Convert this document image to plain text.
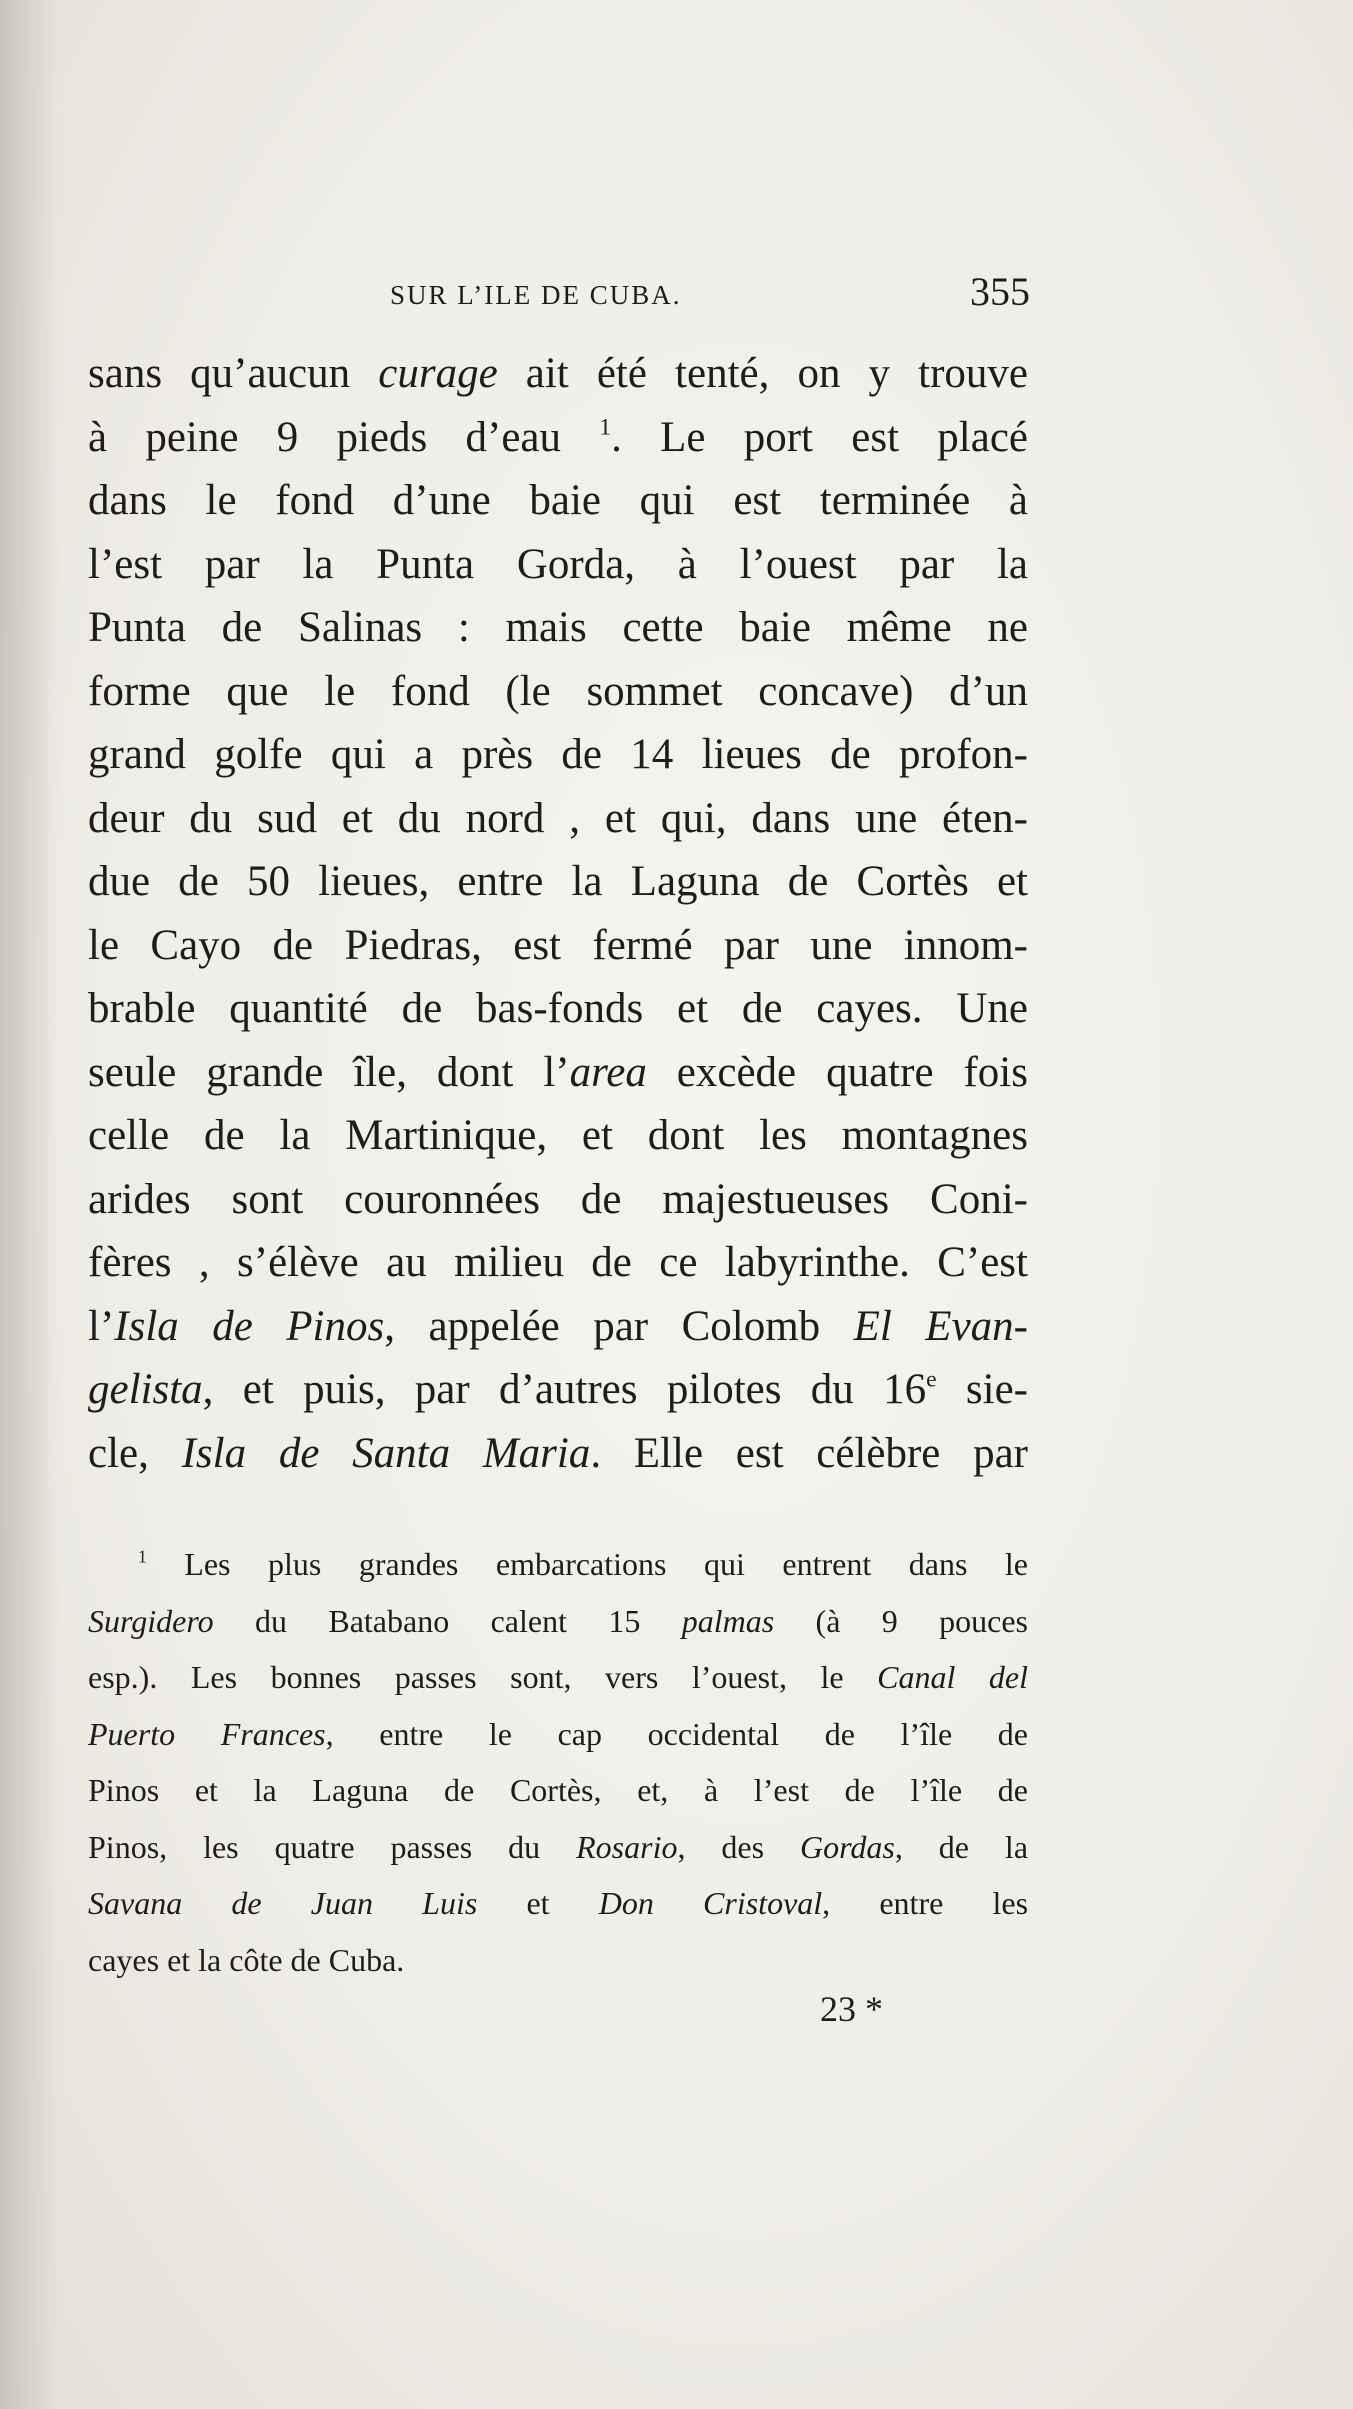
SUR L’ILE DE CUBA.	355
sans qu’aucun curage ait été tenté, on y trouve
à peine 9 pieds d’eau $^1$. Le port est placé
dans le fond d’une baie qui est terminée à
l’est par la Punta Gorda, à l’ouest par la
Punta de Salinas : mais cette baie même ne
forme que le fond (le sommet concave) d’un
grand golfe qui a près de 14 lieues de profon-
deur du sud et du nord , et qui, dans une éten-
due de 50 lieues, entre la Laguna de Cortès et
le Cayo de Piedras, est fermé par une innom-
brable quantité de bas-fonds et de cayes. Une
seule grande île, dont l’area excède quatre fois
celle de la Martinique, et dont les montagnes
arides sont couronnées de majestueuses Coni-
fères , s’élève au milieu de ce labyrinthe. C’est
l’Isla de Pinos, appelée par Colomb El Evan-
gelista, et puis, par d’autres pilotes du 16e sie-
cle, Isla de Santa Maria. Elle est célèbre par
$^1$ Les plus grandes embarcations qui entrent dans le
Surgidero du Batabano calent 15 palmas (à 9 pouces
esp.). Les bonnes passes sont, vers l’ouest, le Canal del
Puerto Frances, entre le cap occidental de l’île de
Pinos et la Laguna de Cortès, et, à l’est de l’île de
Pinos, les quatre passes du Rosario, des Gordas, de la
Savana de Juan Luis et Don Cristoval, entre les
cayes et la côte de Cuba.
23 *
